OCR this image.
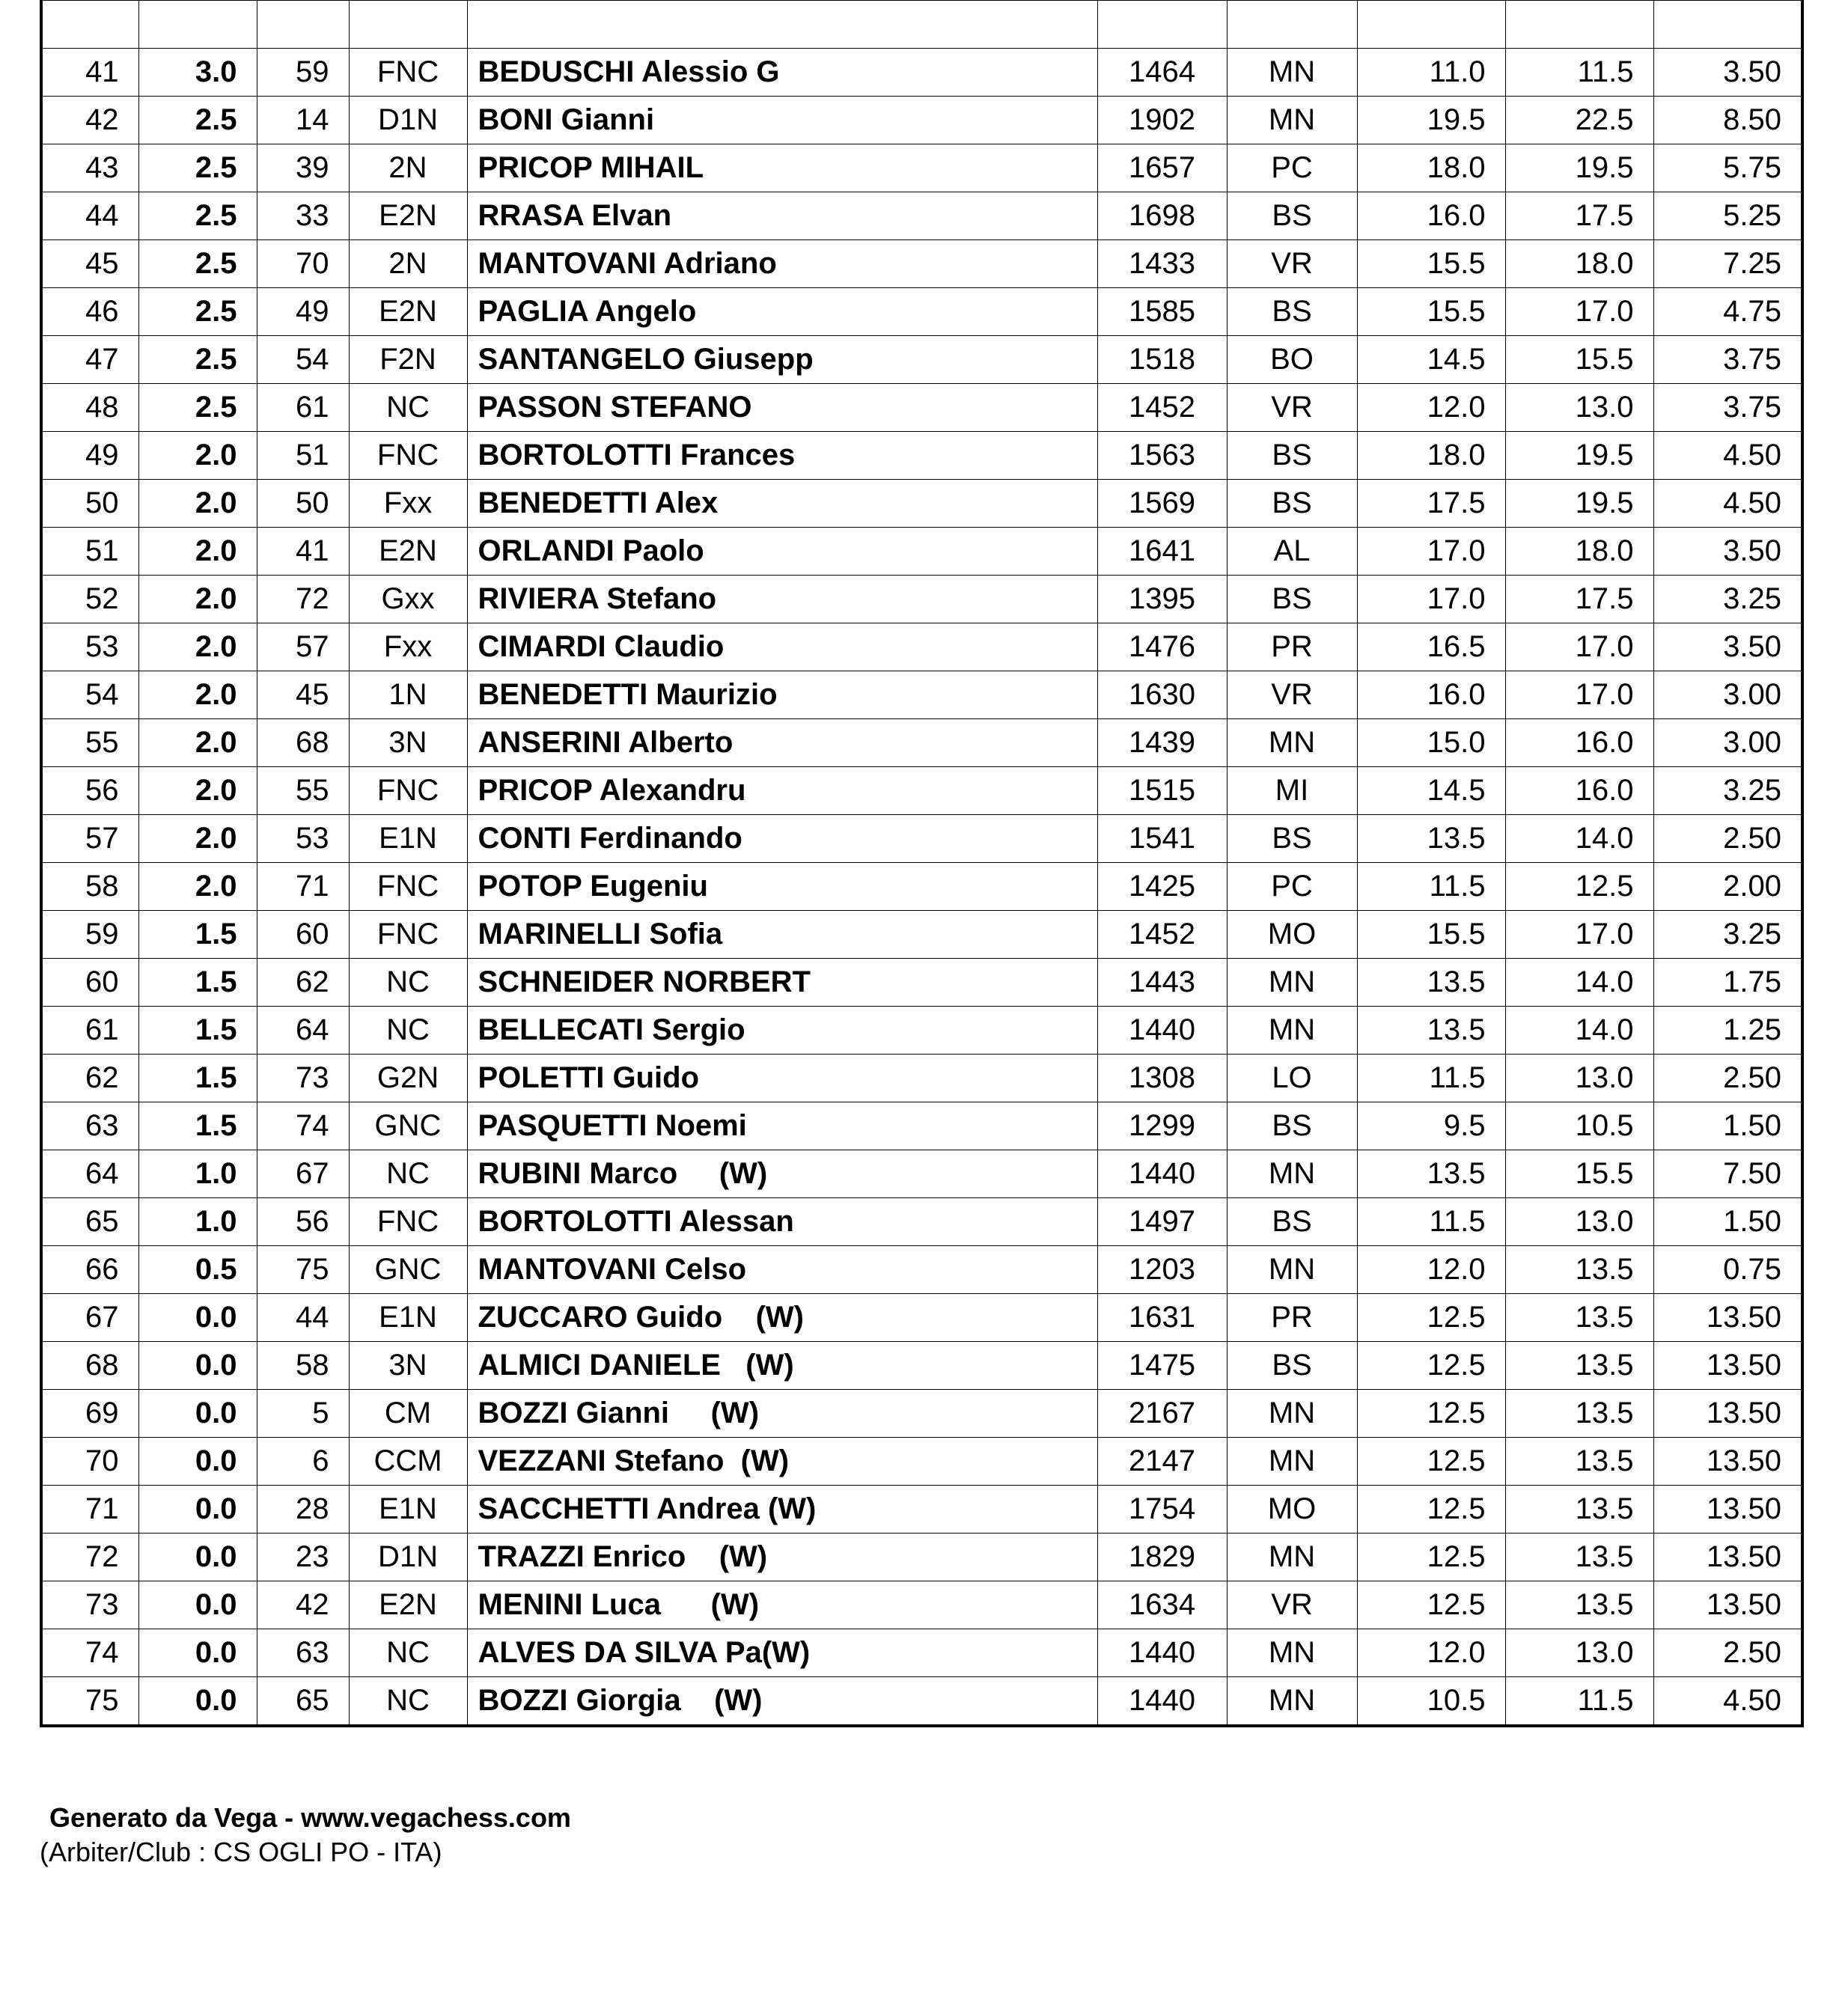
41	3.0	59	FNC	BEDUSCHI Alessio G	1464	MN	11.0	11.5	3.50
42	2.5	14	D1N	BONI Gianni	1902	MN	19.5	22.5	8.50
43	2.5	39	2N	PRICOP MIHAIL	1657	PC	18.0	19.5	5.75
44	2.5	33	E2N	RRASA Elvan	1698	BS	16.0	17.5	5.25
45	2.5	70	2N	MANTOVANI Adriano	1433	VR	15.5	18.0	7.25
46	2.5	49	E2N	PAGLIA Angelo	1585	BS	15.5	17.0	4.75
47	2.5	54	F2N	SANTANGELO Giusepp	1518	BO	14.5	15.5	3.75
48	2.5	61	NC	PASSON STEFANO	1452	VR	12.0	13.0	3.75
49	2.0	51	FNC	BORTOLOTTI Frances	1563	BS	18.0	19.5	4.50
50	2.0	50	Fxx	BENEDETTI Alex	1569	BS	17.5	19.5	4.50
51	2.0	41	E2N	ORLANDI Paolo	1641	AL	17.0	18.0	3.50
52	2.0	72	Gxx	RIVIERA Stefano	1395	BS	17.0	17.5	3.25
53	2.0	57	Fxx	CIMARDI Claudio	1476	PR	16.5	17.0	3.50
54	2.0	45	1N	BENEDETTI Maurizio	1630	VR	16.0	17.0	3.00
55	2.0	68	3N	ANSERINI Alberto	1439	MN	15.0	16.0	3.00
56	2.0	55	FNC	PRICOP Alexandru	1515	MI	14.5	16.0	3.25
57	2.0	53	E1N	CONTI Ferdinando	1541	BS	13.5	14.0	2.50
58	2.0	71	FNC	POTOP Eugeniu	1425	PC	11.5	12.5	2.00
59	1.5	60	FNC	MARINELLI Sofia	1452	MO	15.5	17.0	3.25
60	1.5	62	NC	SCHNEIDER NORBERT	1443	MN	13.5	14.0	1.75
61	1.5	64	NC	BELLECATI Sergio	1440	MN	13.5	14.0	1.25
62	1.5	73	G2N	POLETTI Guido	1308	LO	11.5	13.0	2.50
63	1.5	74	GNC	PASQUETTI Noemi	1299	BS	9.5	10.5	1.50
64	1.0	67	NC	RUBINI Marco     (W)	1440	MN	13.5	15.5	7.50
65	1.0	56	FNC	BORTOLOTTI Alessan	1497	BS	11.5	13.0	1.50
66	0.5	75	GNC	MANTOVANI Celso	1203	MN	12.0	13.5	0.75
67	0.0	44	E1N	ZUCCARO Guido    (W)	1631	PR	12.5	13.5	13.50
68	0.0	58	3N	ALMICI DANIELE   (W)	1475	BS	12.5	13.5	13.50
69	0.0	5	CM	BOZZI Gianni     (W)	2167	MN	12.5	13.5	13.50
70	0.0	6	CCM	VEZZANI Stefano  (W)	2147	MN	12.5	13.5	13.50
71	0.0	28	E1N	SACCHETTI Andrea (W)	1754	MO	12.5	13.5	13.50
72	0.0	23	D1N	TRAZZI Enrico    (W)	1829	MN	12.5	13.5	13.50
73	0.0	42	E2N	MENINI Luca      (W)	1634	VR	12.5	13.5	13.50
74	0.0	63	NC	ALVES DA SILVA Pa(W)	1440	MN	12.0	13.0	2.50
75	0.0	65	NC	BOZZI Giorgia    (W)	1440	MN	10.5	11.5	4.50
Generato da Vega - www.vegachess.com
(Arbiter/Club : CS OGLI PO - ITA)
